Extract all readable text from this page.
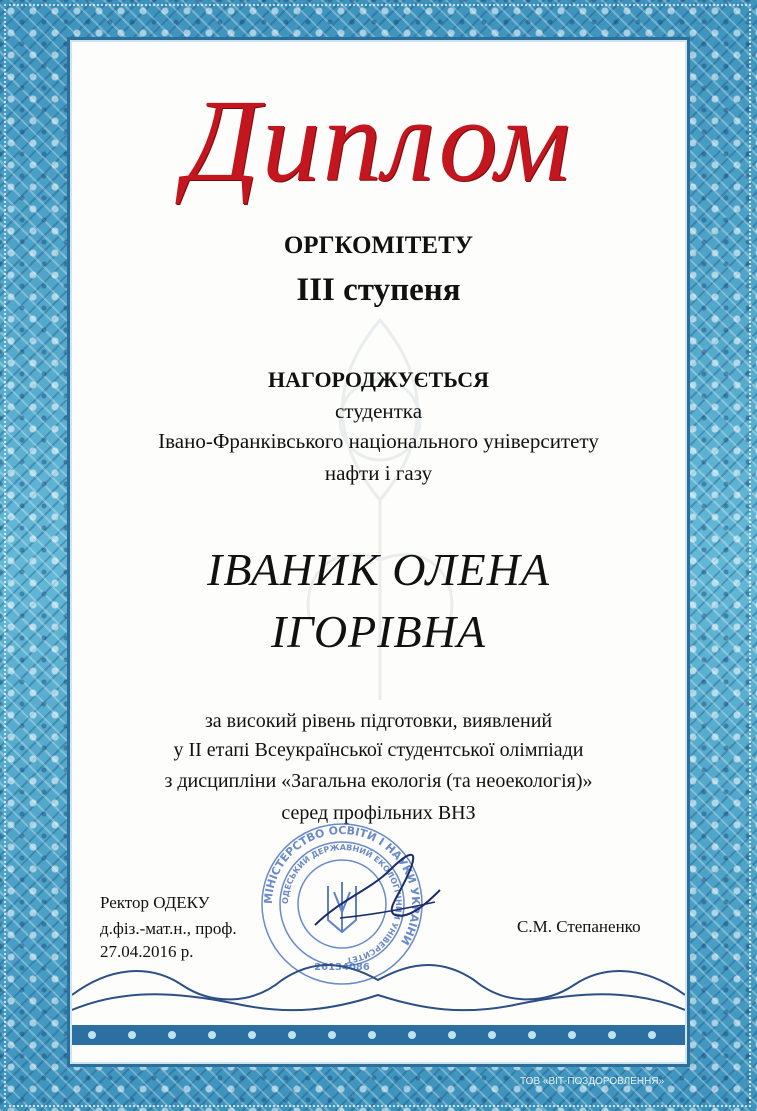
Диплом
ОРГКОМІТЕТУ
ІІІ ступеня
НАГОРОДЖУЄТЬСЯ
студентка
Івано-Франківського національного університету
нафти і газу
ІВАНИК ОЛЕНА
ІГОРІВНА
за високий рівень підготовки, виявлений
у ІІ етапі Всеукраїнської студентської олімпіади
з дисципліни «Загальна екологія (та неоекологія)»
серед профільних ВНЗ
МІНІСТЕРСТВО ОСВІТИ І НАУКИ УКРАЇНИ
ОДЕСЬКИЙ ДЕРЖАВНИЙ ЕКОЛОГІЧНИЙ УНІВЕРСИТЕТ
26134086
Ректор ОДЕКУ
д.фіз.-мат.н., проф.
27.04.2016 р.
С.М. Степаненко
ТОВ «ВІТ-ПОЗДОРОВЛЕННЯ»
